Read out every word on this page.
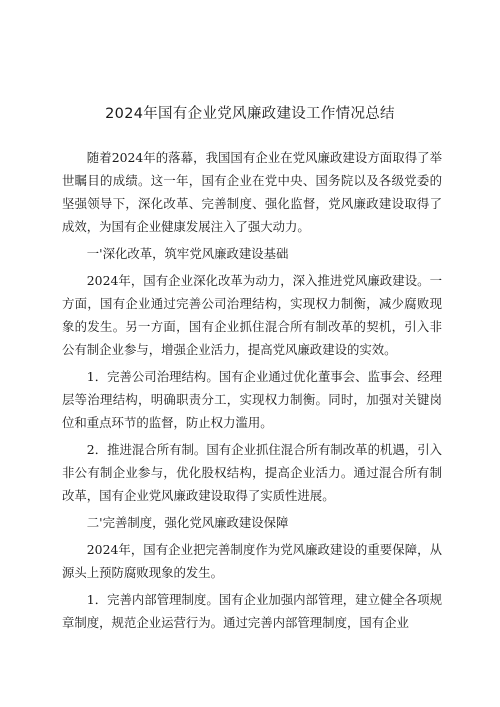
2024年国有企业党风廉政建设工作情况总结

随着2024年的落幕，我国国有企业在党风廉政建设方面取得了举世瞩目的成绩。这一年，国有企业在党中央、国务院以及各级党委的坚强领导下，深化改革、完善制度、强化监督，党风廉政建设取得了成效，为国有企业健康发展注入了强大动力。

一'深化改革，筑牢党风廉政建设基础

2024年，国有企业深化改革为动力，深入推进党风廉政建设。一方面，国有企业通过完善公司治理结构，实现权力制衡，减少腐败现象的发生。另一方面，国有企业抓住混合所有制改革的契机，引入非公有制企业参与，增强企业活力，提高党风廉政建设的实效。

1．完善公司治理结构。国有企业通过优化董事会、监事会、经理层等治理结构，明确职责分工，实现权力制衡。同时，加强对关键岗位和重点环节的监督，防止权力滥用。

2．推进混合所有制。国有企业抓住混合所有制改革的机遇，引入非公有制企业参与，优化股权结构，提高企业活力。通过混合所有制改革，国有企业党风廉政建设取得了实质性进展。

二'完善制度，强化党风廉政建设保障

2024年，国有企业把完善制度作为党风廉政建设的重要保障，从源头上预防腐败现象的发生。

1．完善内部管理制度。国有企业加强内部管理，建立健全各项规章制度，规范企业运营行为。通过完善内部管理制度，国有企业
